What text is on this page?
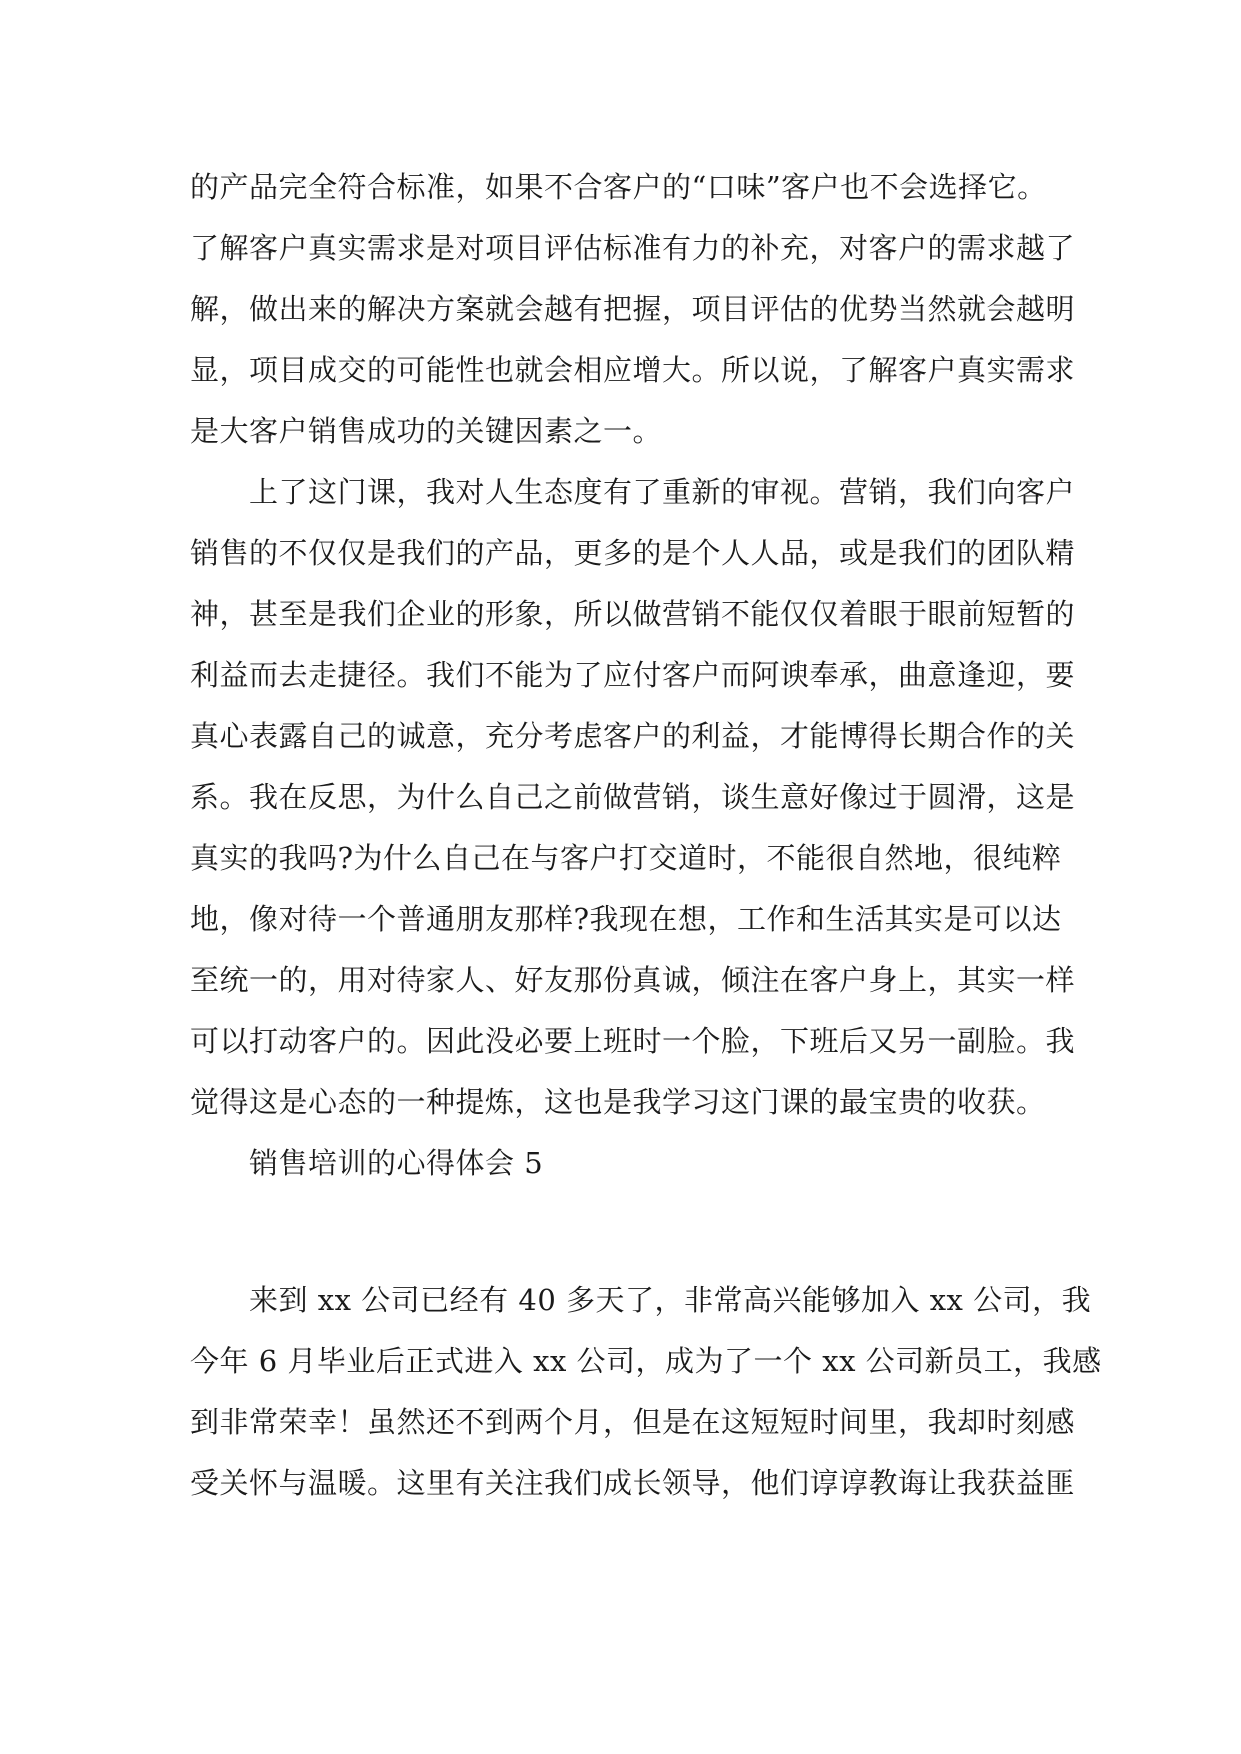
的产品完全符合标准，如果不合客户的“口味”客户也不会选择它。
了解客户真实需求是对项目评估标准有力的补充，对客户的需求越了
解，做出来的解决方案就会越有把握，项目评估的优势当然就会越明
显，项目成交的可能性也就会相应增大。所以说，了解客户真实需求
是大客户销售成功的关键因素之一。
　　上了这门课，我对人生态度有了重新的审视。营销，我们向客户
销售的不仅仅是我们的产品，更多的是个人人品，或是我们的团队精
神，甚至是我们企业的形象，所以做营销不能仅仅着眼于眼前短暂的
利益而去走捷径。我们不能为了应付客户而阿谀奉承，曲意逢迎，要
真心表露自己的诚意，充分考虑客户的利益，才能博得长期合作的关
系。我在反思，为什么自己之前做营销，谈生意好像过于圆滑，这是
真实的我吗?为什么自己在与客户打交道时，不能很自然地，很纯粹
地，像对待一个普通朋友那样?我现在想，工作和生活其实是可以达
至统一的，用对待家人、好友那份真诚，倾注在客户身上，其实一样
可以打动客户的。因此没必要上班时一个脸，下班后又另一副脸。我
觉得这是心态的一种提炼，这也是我学习这门课的最宝贵的收获。
　　销售培训的心得体会 5
　　来到 xx 公司已经有 40 多天了，非常高兴能够加入 xx 公司，我
今年 6 月毕业后正式进入 xx 公司，成为了一个 xx 公司新员工，我感
到非常荣幸！虽然还不到两个月，但是在这短短时间里，我却时刻感
受关怀与温暖。这里有关注我们成长领导，他们谆谆教诲让我获益匪
